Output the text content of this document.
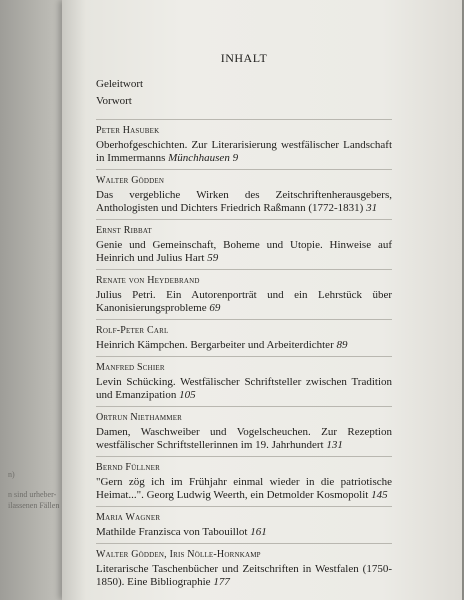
n)
n sind urheber-
ilassenen Fällen
INHALT
Geleitwort
Vorwort
Peter Hasubek
Oberhofgeschichten. Zur Literarisierung westfälischer Landschaft in Immermanns Münchhausen 9
Walter Gödden
Das vergebliche Wirken des Zeitschriftenherausgebers, Anthologisten und Dichters Friedrich Raßmann (1772-1831) 31
Ernst Ribbat
Genie und Gemeinschaft, Boheme und Utopie. Hinweise auf Heinrich und Julius Hart 59
Renate von Heydebrand
Julius Petri. Ein Autorenporträt und ein Lehrstück über Kanonisierungsprobleme 69
Rolf-Peter Carl
Heinrich Kämpchen. Bergarbeiter und Arbeiterdichter 89
Manfred Schier
Levin Schücking. Westfälischer Schriftsteller zwischen Tradition und Emanzipation 105
Ortrun Niethammer
Damen, Waschweiber und Vogelscheuchen. Zur Rezeption westfälischer Schriftstellerinnen im 19. Jahrhundert 131
Bernd Füllner
"Gern zög ich im Frühjahr einmal wieder in die patriotische Heimat...". Georg Ludwig Weerth, ein Detmolder Kosmopolit 145
Maria Wagner
Mathilde Franzisca von Tabouillot 161
Walter Gödden, Iris Nölle-Hornkamp
Literarische Taschenbücher und Zeitschriften in Westfalen (1750-1850). Eine Bibliographie 177
